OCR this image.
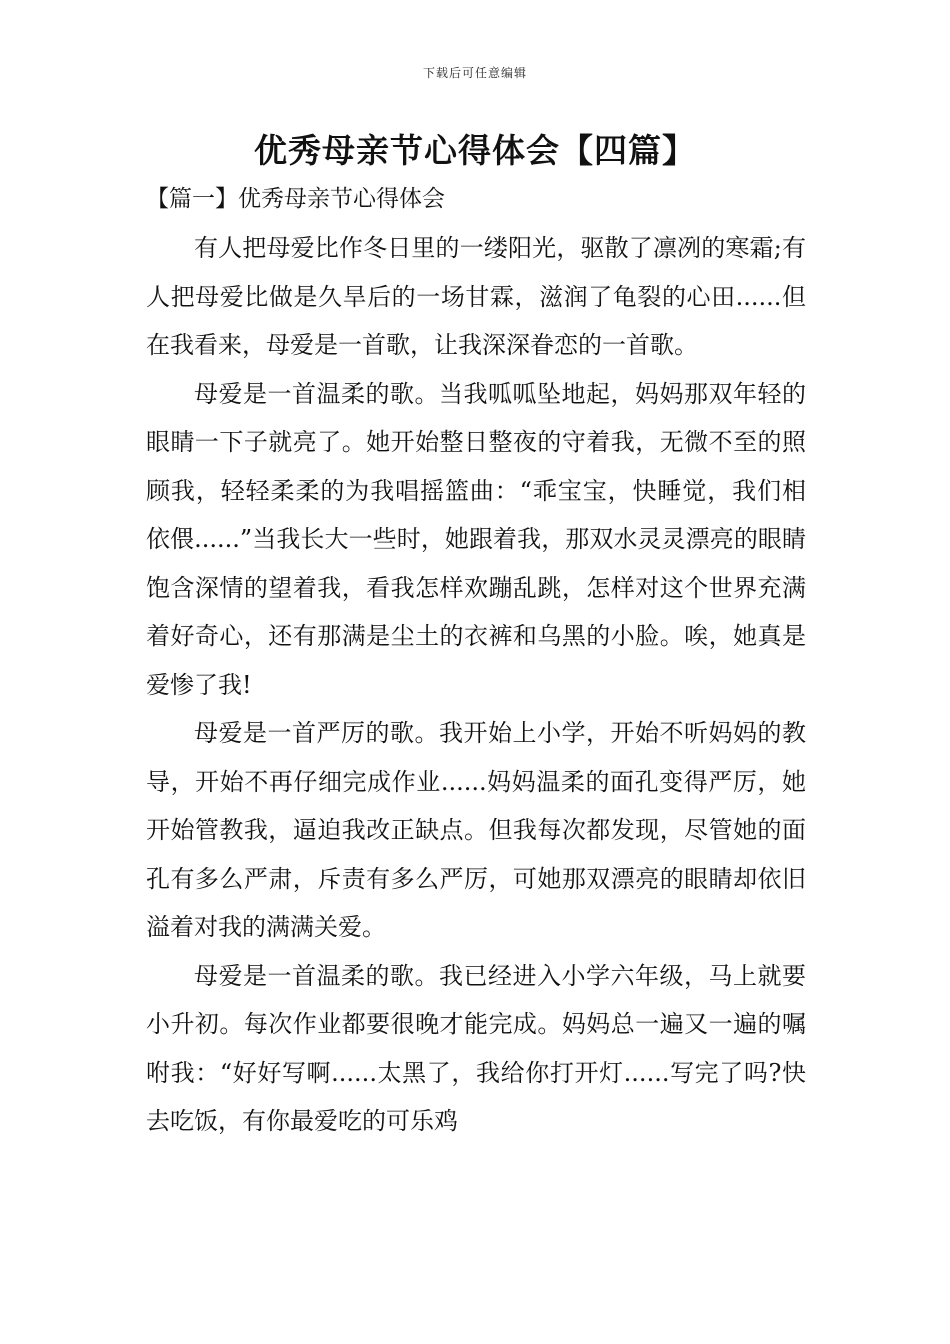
下载后可任意编辑
优秀母亲节心得体会【四篇】

【篇一】优秀母亲节心得体会

有人把母爱比作冬日里的一缕阳光，驱散了凛冽的寒霜;有人把母爱比做是久旱后的一场甘霖，滋润了龟裂的心田......但在我看来，母爱是一首歌，让我深深眷恋的一首歌。

母爱是一首温柔的歌。当我呱呱坠地起，妈妈那双年轻的眼睛一下子就亮了。她开始整日整夜的守着我，无微不至的照顾我，轻轻柔柔的为我唱摇篮曲：“乖宝宝，快睡觉，我们相依偎......”当我长大一些时，她跟着我，那双水灵灵漂亮的眼睛饱含深情的望着我，看我怎样欢蹦乱跳，怎样对这个世界充满着好奇心，还有那满是尘土的衣裤和乌黑的小脸。唉，她真是爱惨了我!

母爱是一首严厉的歌。我开始上小学，开始不听妈妈的教导，开始不再仔细完成作业......妈妈温柔的面孔变得严厉，她开始管教我，逼迫我改正缺点。但我每次都发现，尽管她的面孔有多么严肃，斥责有多么严厉，可她那双漂亮的眼睛却依旧溢着对我的满满关爱。

母爱是一首温柔的歌。我已经进入小学六年级，马上就要小升初。每次作业都要很晚才能完成。妈妈总一遍又一遍的嘱咐我：“好好写啊......太黑了，我给你打开灯......写完了吗?快去吃饭，有你最爱吃的可乐鸡
